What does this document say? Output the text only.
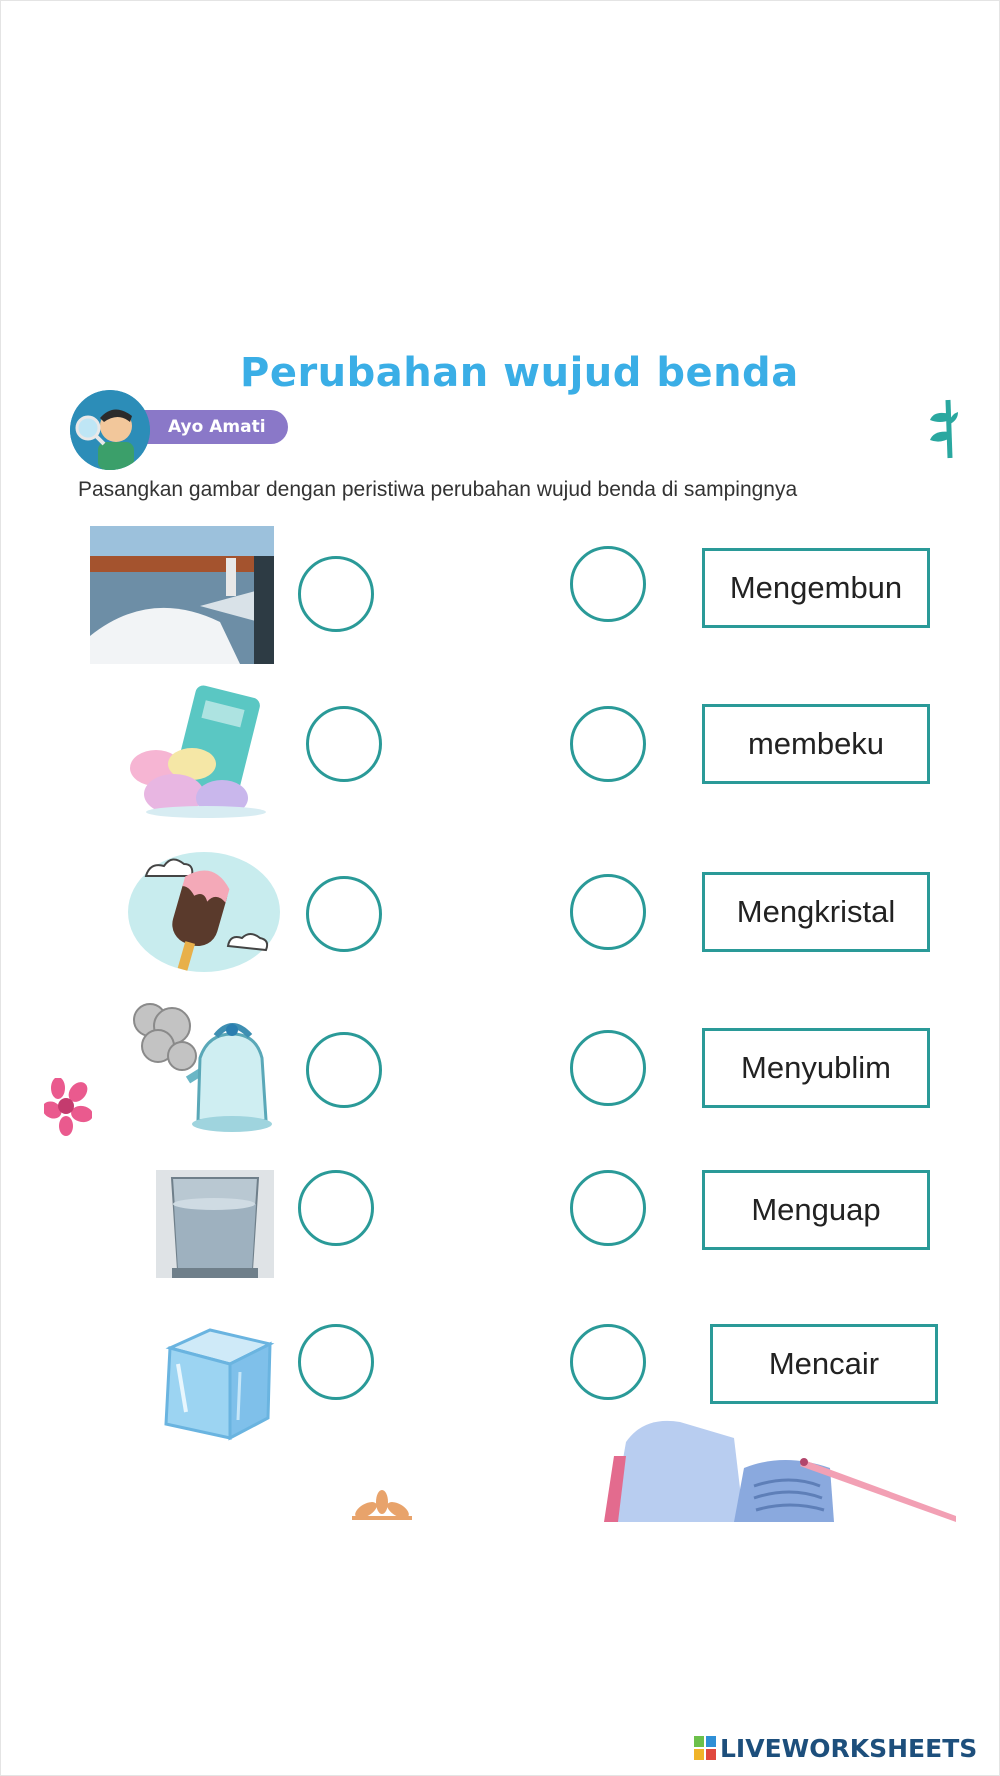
Perubahan wujud benda
Ayo Amati
Pasangkan gambar dengan peristiwa perubahan wujud benda di sampingnya
Mengembun
membeku
Mengkristal
Menyublim
Menguap
Mencair
LIVEWORKSHEETS
